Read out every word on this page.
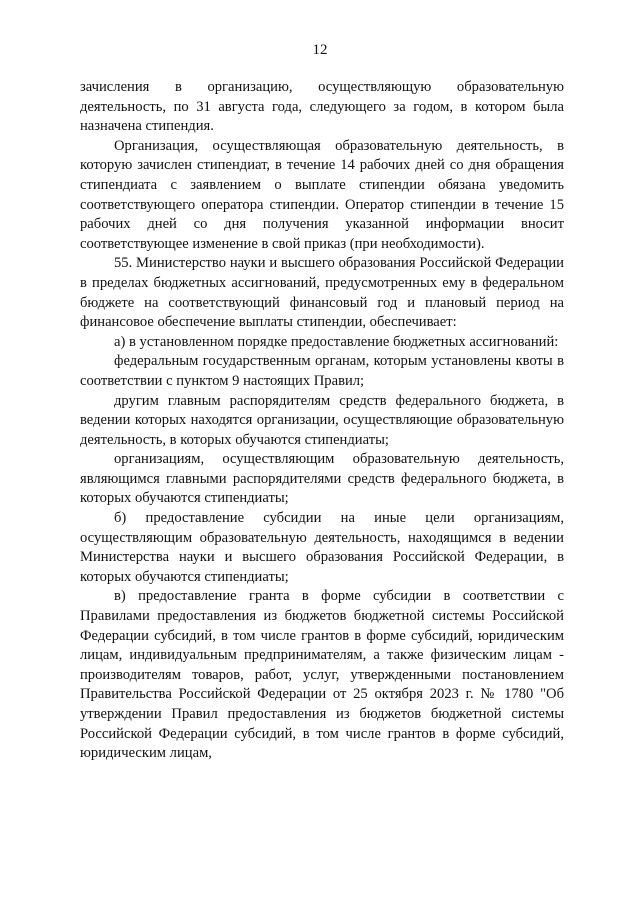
12

зачисления в организацию, осуществляющую образовательную деятельность, по 31 августа года, следующего за годом, в котором была назначена стипендия.

Организация, осуществляющая образовательную деятельность, в которую зачислен стипендиат, в течение 14 рабочих дней со дня обращения стипендиата с заявлением о выплате стипендии обязана уведомить соответствующего оператора стипендии. Оператор стипендии в течение 15 рабочих дней со дня получения указанной информации вносит соответствующее изменение в свой приказ (при необходимости).

55. Министерство науки и высшего образования Российской Федерации в пределах бюджетных ассигнований, предусмотренных ему в федеральном бюджете на соответствующий финансовый год и плановый период на финансовое обеспечение выплаты стипендии, обеспечивает:

а) в установленном порядке предоставление бюджетных ассигнований:

федеральным государственным органам, которым установлены квоты в соответствии с пунктом 9 настоящих Правил;

другим главным распорядителям средств федерального бюджета, в ведении которых находятся организации, осуществляющие образовательную деятельность, в которых обучаются стипендиаты;

организациям, осуществляющим образовательную деятельность, являющимся главными распорядителями средств федерального бюджета, в которых обучаются стипендиаты;

б) предоставление субсидии на иные цели организациям, осуществляющим образовательную деятельность, находящимся в ведении Министерства науки и высшего образования Российской Федерации, в которых обучаются стипендиаты;

в) предоставление гранта в форме субсидии в соответствии с Правилами предоставления из бюджетов бюджетной системы Российской Федерации субсидий, в том числе грантов в форме субсидий, юридическим лицам, индивидуальным предпринимателям, а также физическим лицам - производителям товаров, работ, услуг, утвержденными постановлением Правительства Российской Федерации от 25 октября 2023 г. № 1780 "Об утверждении Правил предоставления из бюджетов бюджетной системы Российской Федерации субсидий, в том числе грантов в форме субсидий, юридическим лицам,
